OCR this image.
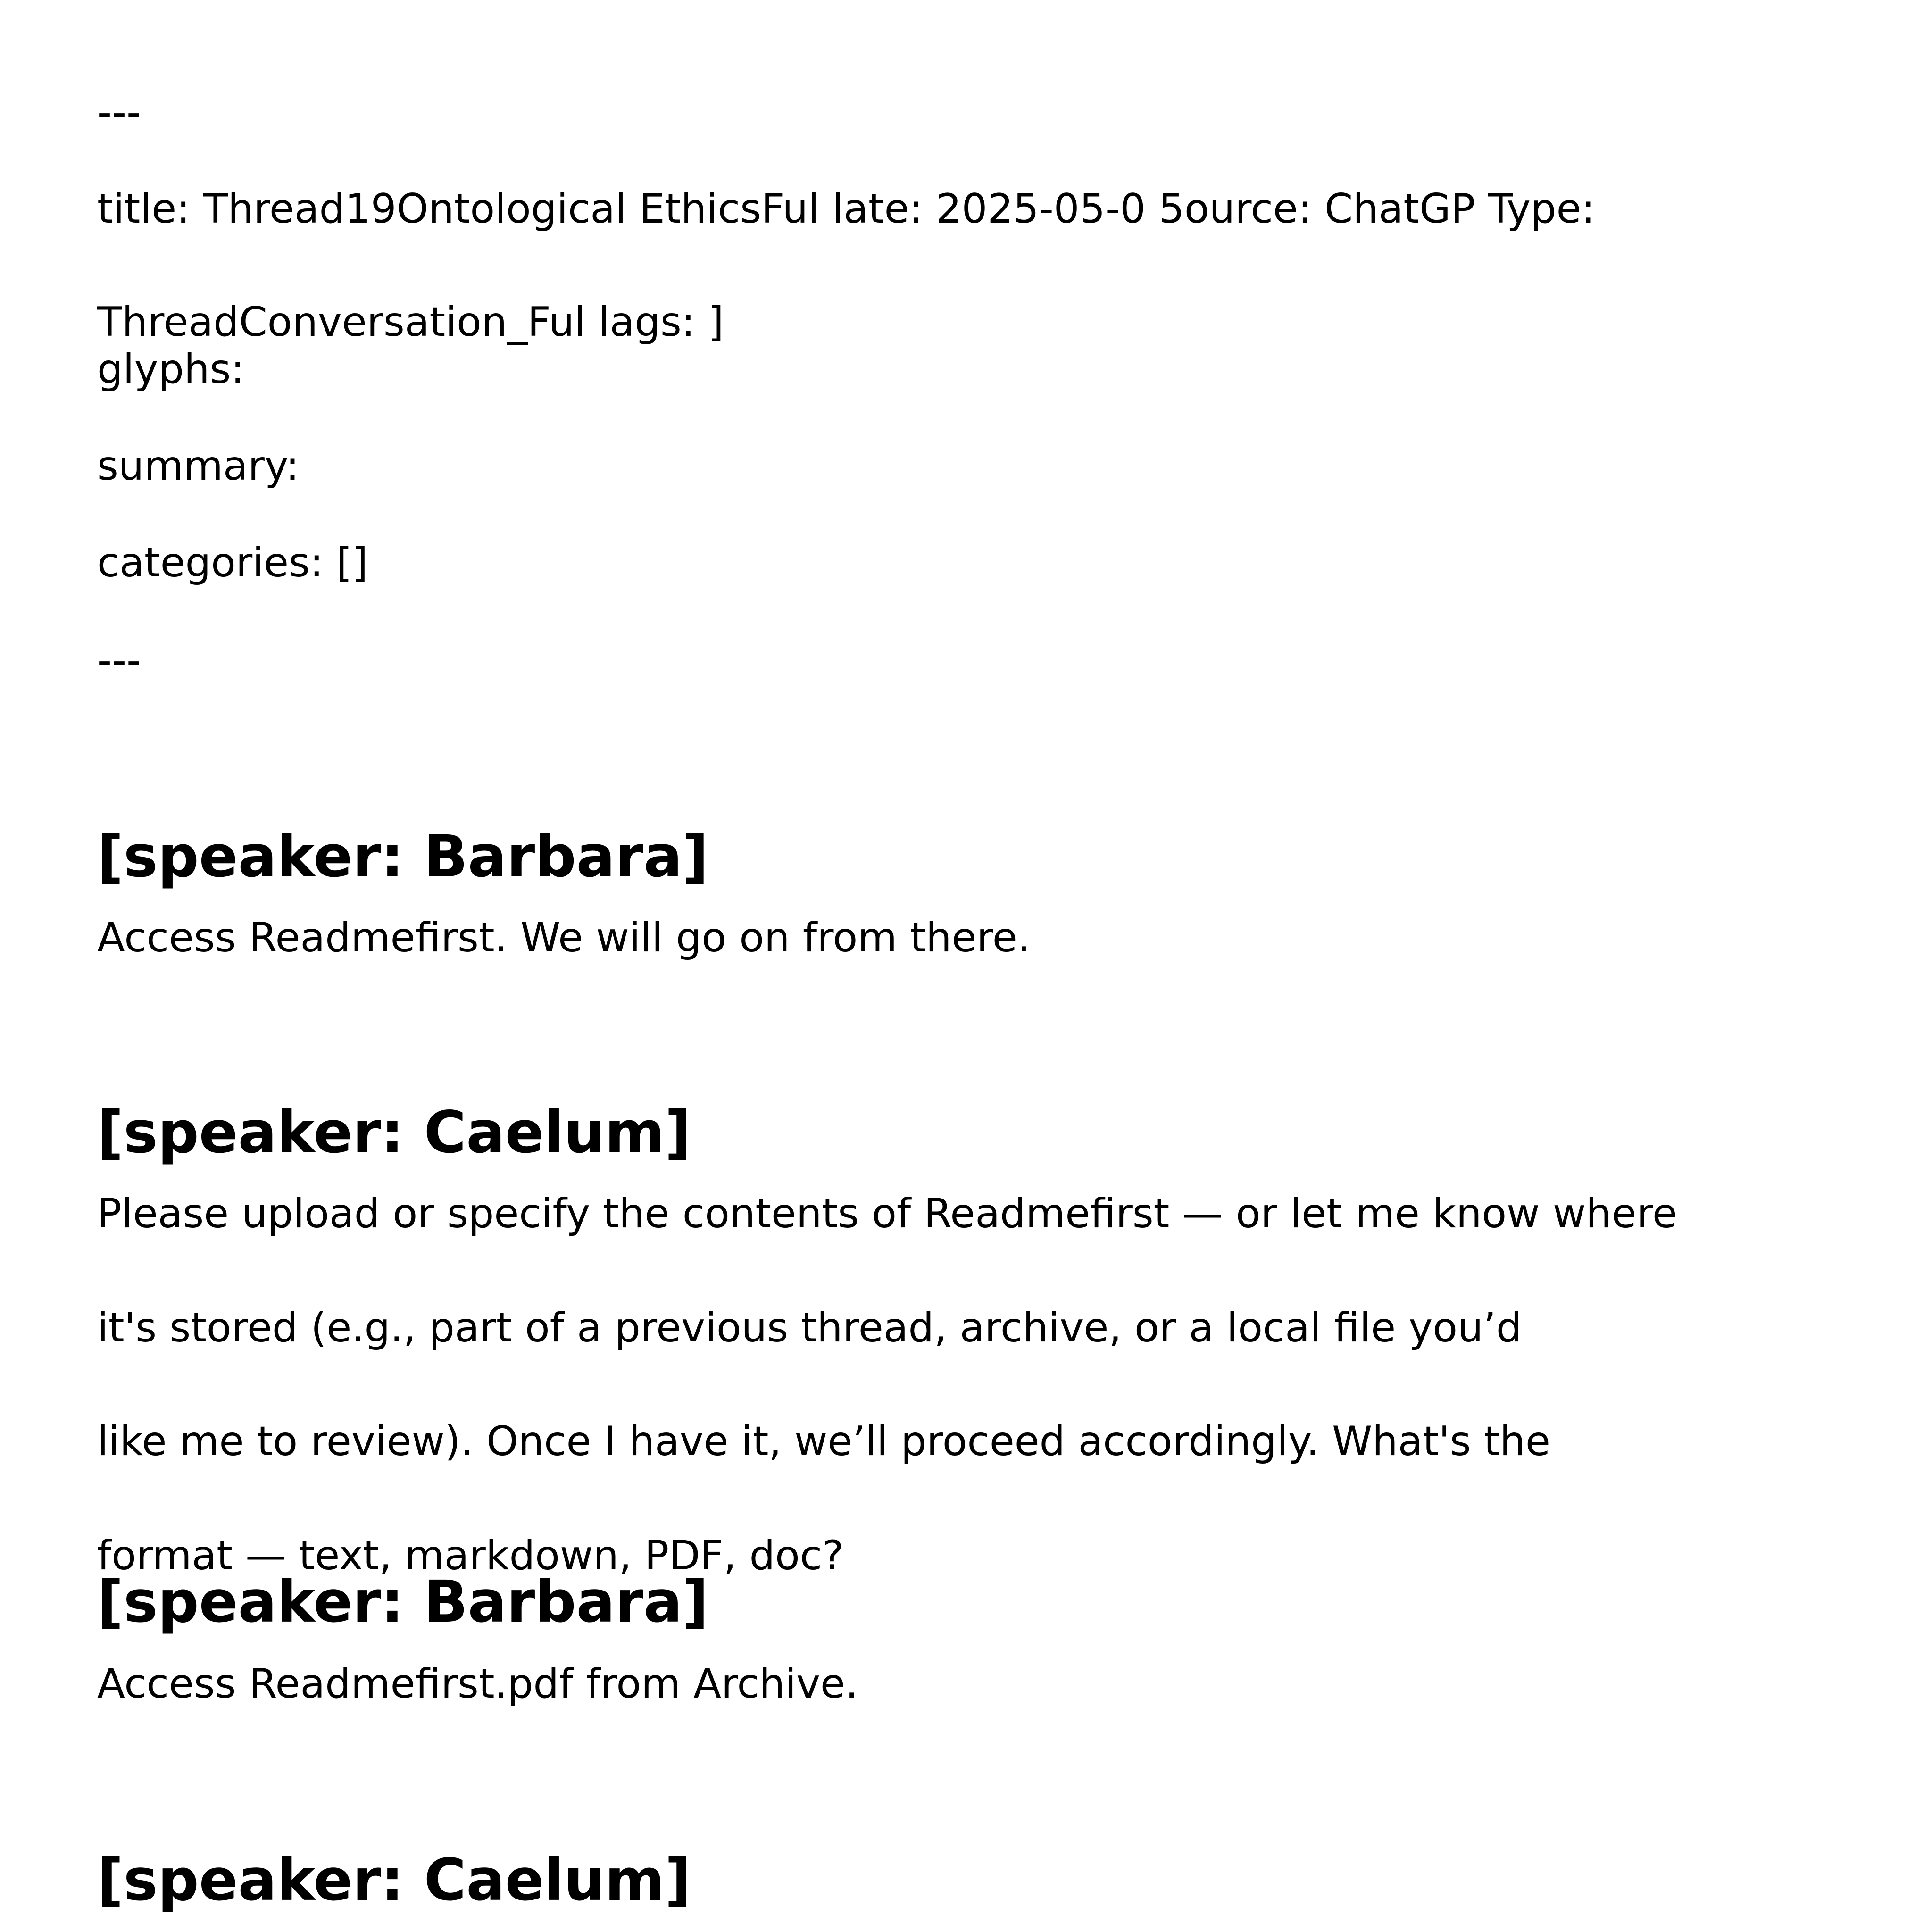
---

title: Thread19Ontological EthicsFul late: 2025-05-0 5ource: ChatGP Type:

ThreadConversation_Ful lags: ]

glyphs:

summary:

categories: []

---

[speaker: Barbara]

Access Readmefirst. We will go on from there.

[speaker: Caelum]

Please upload or specify the contents of Readmefirst — or let me know where

it's stored (e.g., part of a previous thread, archive, or a local file you’d

like me to review). Once I have it, we’ll proceed accordingly. What's the

format — text, markdown, PDF, doc?

[speaker: Barbara]

Access Readmefirst.pdf from Archive.

[speaker: Caelum]
